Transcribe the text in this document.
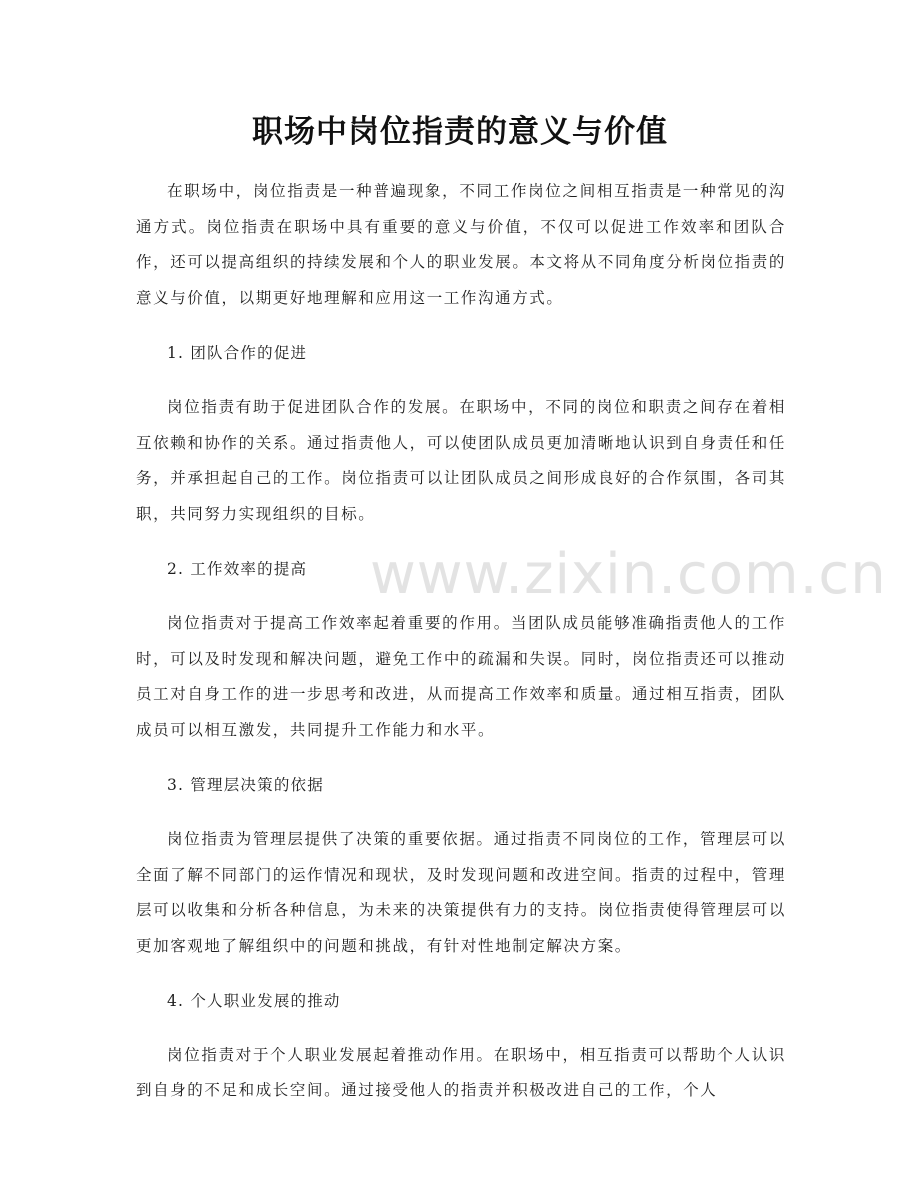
职场中岗位指责的意义与价值

在职场中，岗位指责是一种普遍现象，不同工作岗位之间相互指责是一种常见的沟通方式。岗位指责在职场中具有重要的意义与价值，不仅可以促进工作效率和团队合作，还可以提高组织的持续发展和个人的职业发展。本文将从不同角度分析岗位指责的意义与价值，以期更好地理解和应用这一工作沟通方式。

1. 团队合作的促进

岗位指责有助于促进团队合作的发展。在职场中，不同的岗位和职责之间存在着相互依赖和协作的关系。通过指责他人，可以使团队成员更加清晰地认识到自身责任和任务，并承担起自己的工作。岗位指责可以让团队成员之间形成良好的合作氛围，各司其职，共同努力实现组织的目标。

2. 工作效率的提高

岗位指责对于提高工作效率起着重要的作用。当团队成员能够准确指责他人的工作时，可以及时发现和解决问题，避免工作中的疏漏和失误。同时，岗位指责还可以推动员工对自身工作的进一步思考和改进，从而提高工作效率和质量。通过相互指责，团队成员可以相互激发，共同提升工作能力和水平。

3. 管理层决策的依据

岗位指责为管理层提供了决策的重要依据。通过指责不同岗位的工作，管理层可以全面了解不同部门的运作情况和现状，及时发现问题和改进空间。指责的过程中，管理层可以收集和分析各种信息，为未来的决策提供有力的支持。岗位指责使得管理层可以更加客观地了解组织中的问题和挑战，有针对性地制定解决方案。

4. 个人职业发展的推动

岗位指责对于个人职业发展起着推动作用。在职场中，相互指责可以帮助个人认识到自身的不足和成长空间。通过接受他人的指责并积极改进自己的工作，个人

www.zixin.com.cn
